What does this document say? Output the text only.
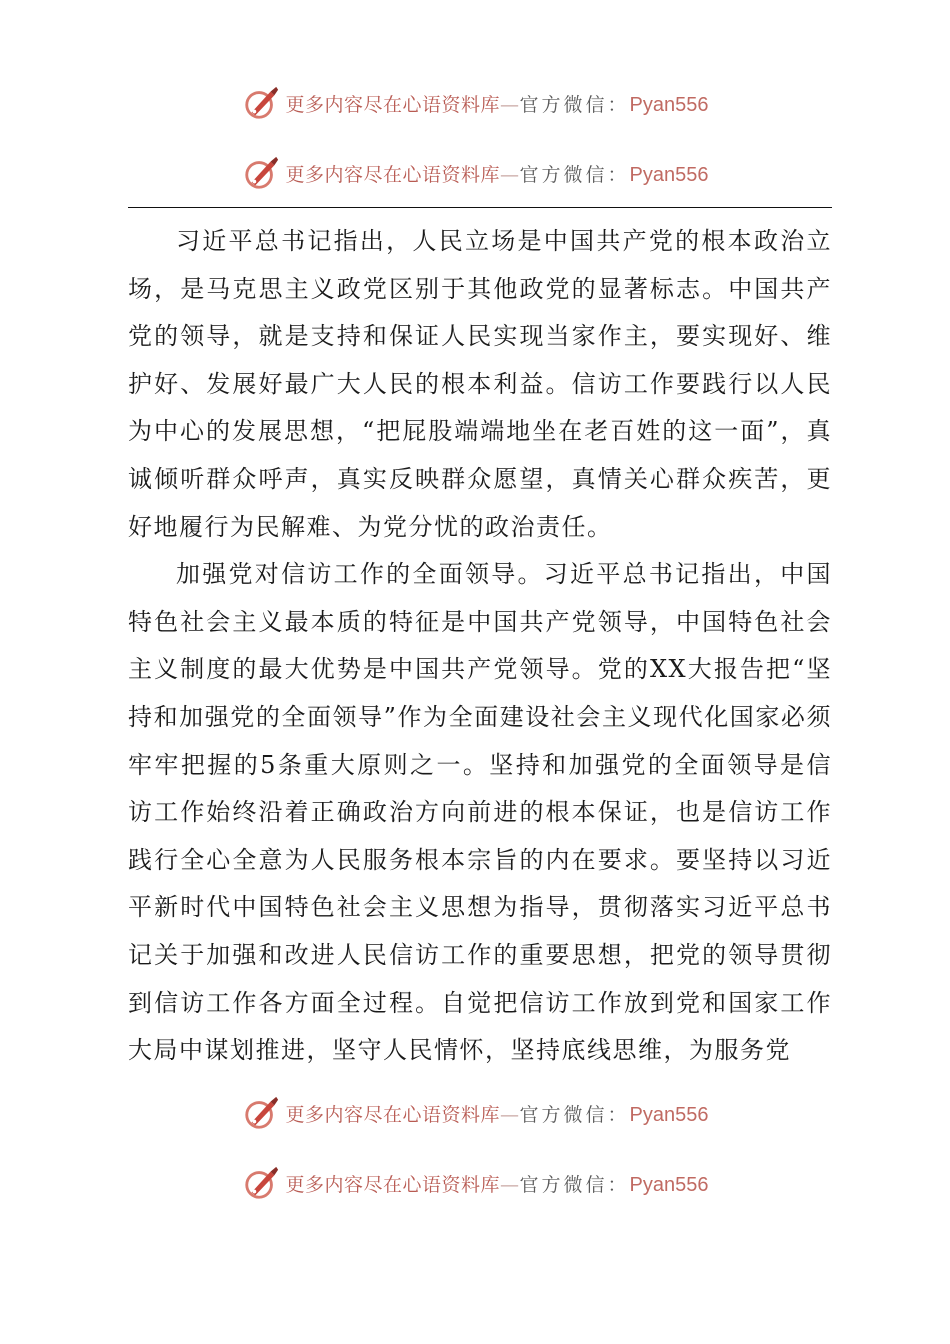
更多内容尽在心语资料库—官方微信：Pyan556
更多内容尽在心语资料库—官方微信：Pyan556

习近平总书记指出，人民立场是中国共产党的根本政治立场，是马克思主义政党区别于其他政党的显著标志。中国共产党的领导，就是支持和保证人民实现当家作主，要实现好、维护好、发展好最广大人民的根本利益。信访工作要践行以人民为中心的发展思想，“把屁股端端地坐在老百姓的这一面”，真诚倾听群众呼声，真实反映群众愿望，真情关心群众疾苦，更好地履行为民解难、为党分忧的政治责任。

加强党对信访工作的全面领导。习近平总书记指出，中国特色社会主义最本质的特征是中国共产党领导，中国特色社会主义制度的最大优势是中国共产党领导。党的XX大报告把“坚持和加强党的全面领导”作为全面建设社会主义现代化国家必须牢牢把握的5条重大原则之一。坚持和加强党的全面领导是信访工作始终沿着正确政治方向前进的根本保证，也是信访工作践行全心全意为人民服务根本宗旨的内在要求。要坚持以习近平新时代中国特色社会主义思想为指导，贯彻落实习近平总书记关于加强和改进人民信访工作的重要思想，把党的领导贯彻到信访工作各方面全过程。自觉把信访工作放到党和国家工作大局中谋划推进，坚守人民情怀，坚持底线思维，为服务党

更多内容尽在心语资料库—官方微信：Pyan556
更多内容尽在心语资料库—官方微信：Pyan556
